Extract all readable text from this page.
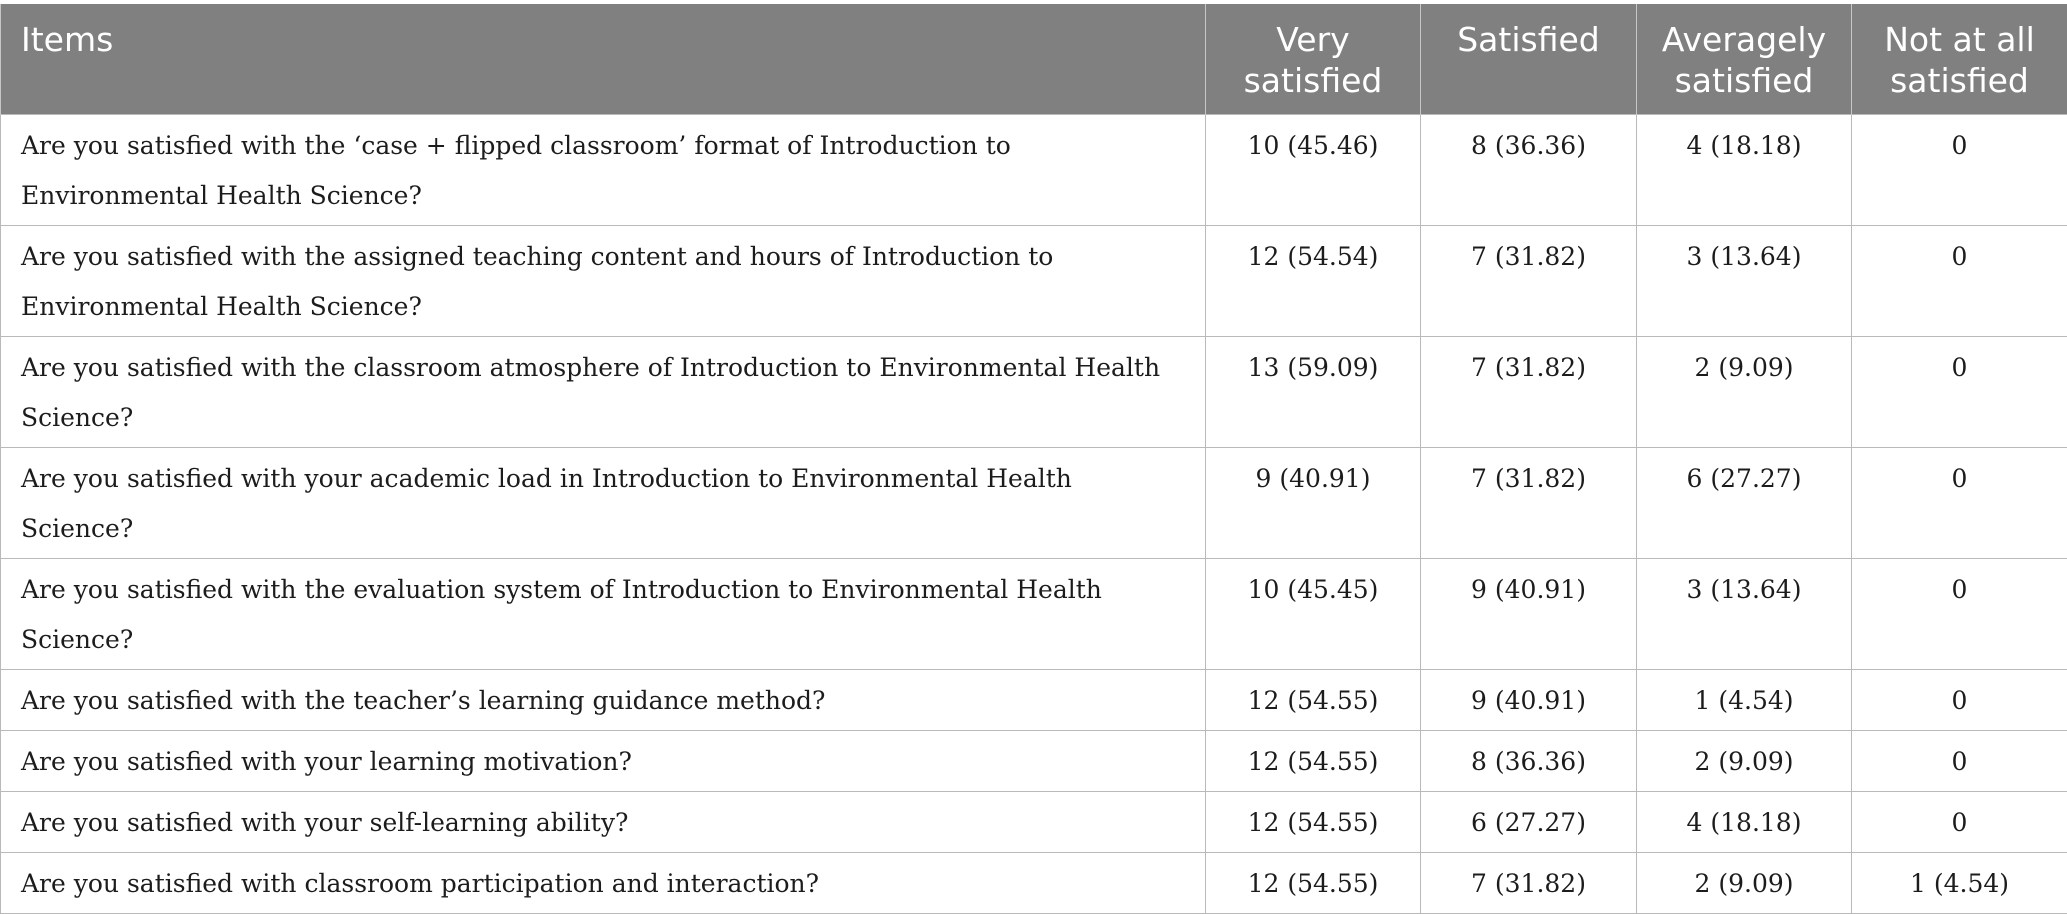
Items	Very satisfied	Satisfied	Averagely satisfied	Not at all satisfied
Are you satisfied with the ‘case + flipped classroom’ format of Introduction to Environmental Health Science?	10 (45.46)	8 (36.36)	4 (18.18)	0
Are you satisfied with the assigned teaching content and hours of Introduction to Environmental Health Science?	12 (54.54)	7 (31.82)	3 (13.64)	0
Are you satisfied with the classroom atmosphere of Introduction to Environmental Health Science?	13 (59.09)	7 (31.82)	2 (9.09)	0
Are you satisfied with your academic load in Introduction to Environmental Health Science?	9 (40.91)	7 (31.82)	6 (27.27)	0
Are you satisfied with the evaluation system of Introduction to Environmental Health Science?	10 (45.45)	9 (40.91)	3 (13.64)	0
Are you satisfied with the teacher’s learning guidance method?	12 (54.55)	9 (40.91)	1 (4.54)	0
Are you satisfied with your learning motivation?	12 (54.55)	8 (36.36)	2 (9.09)	0
Are you satisfied with your self-learning ability?	12 (54.55)	6 (27.27)	4 (18.18)	0
Are you satisfied with classroom participation and interaction?	12 (54.55)	7 (31.82)	2 (9.09)	1 (4.54)
